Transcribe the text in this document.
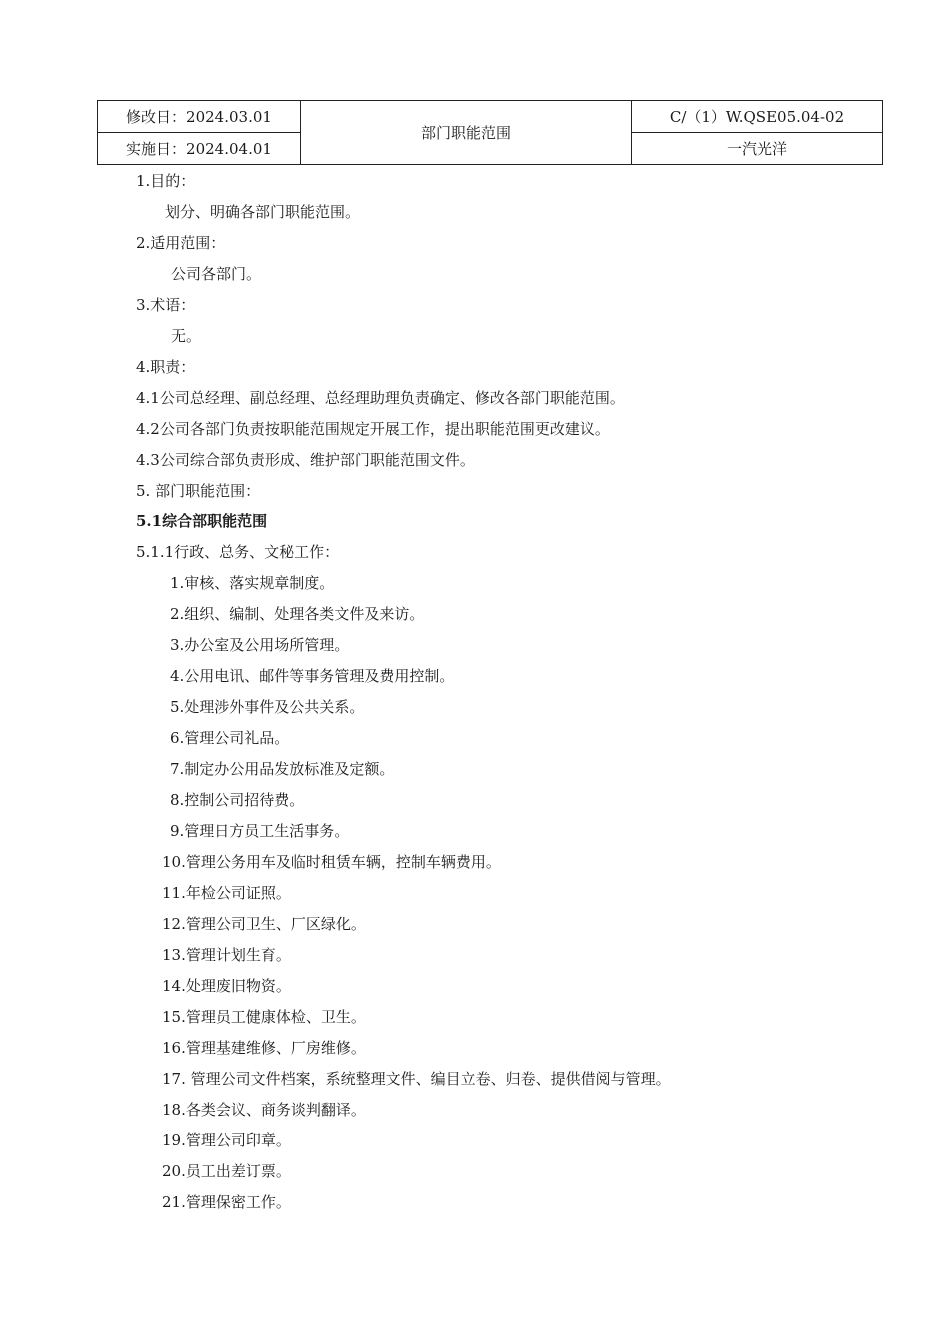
修改日：2024.03.01	部门职能范围	C/（1）W.QSE05.04-02
实施日：2024.04.01		一汽光洋
1.目的：
划分、明确各部门职能范围。
2.适用范围：
公司各部门。
3.术语：
无。
4.职责：
4.1公司总经理、副总经理、总经理助理负责确定、修改各部门职能范围。
4.2公司各部门负责按职能范围规定开展工作，提出职能范围更改建议。
4.3公司综合部负责形成、维护部门职能范围文件。
5. 部门职能范围：
5.1综合部职能范围
5.1.1行政、总务、文秘工作：
1.审核、落实规章制度。
2.组织、编制、处理各类文件及来访。
3.办公室及公用场所管理。
4.公用电讯、邮件等事务管理及费用控制。
5.处理涉外事件及公共关系。
6.管理公司礼品。
7.制定办公用品发放标准及定额。
8.控制公司招待费。
9.管理日方员工生活事务。
10.管理公务用车及临时租赁车辆，控制车辆费用。
11.年检公司证照。
12.管理公司卫生、厂区绿化。
13.管理计划生育。
14.处理废旧物资。
15.管理员工健康体检、卫生。
16.管理基建维修、厂房维修。
17. 管理公司文件档案，系统整理文件、编目立卷、归卷、提供借阅与管理。
18.各类会议、商务谈判翻译。
19.管理公司印章。
20.员工出差订票。
21.管理保密工作。
